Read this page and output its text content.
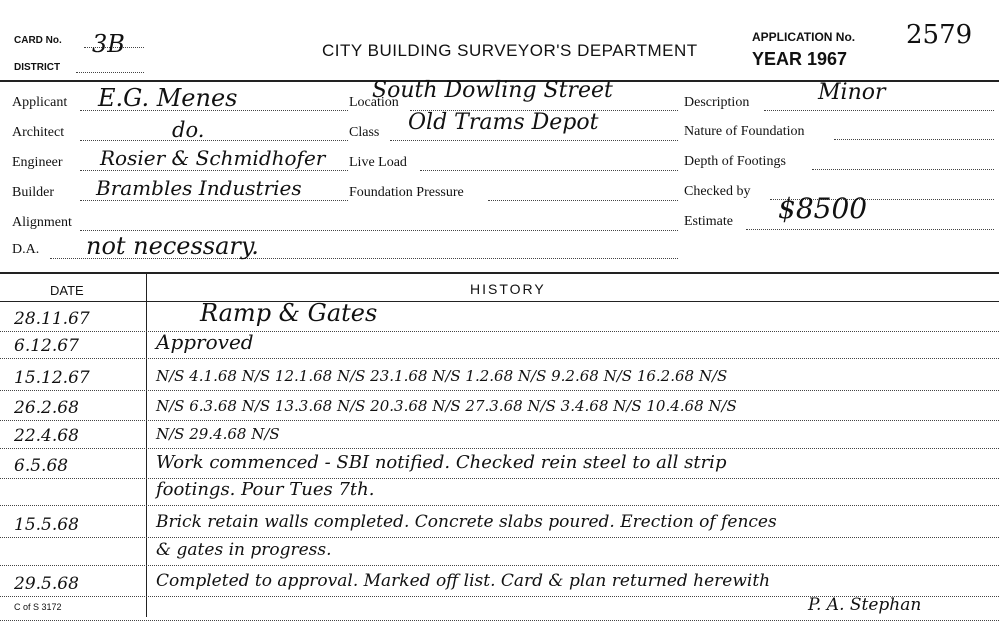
CARD No. 3B
DISTRICT
CITY BUILDING SURVEYOR'S DEPARTMENT
APPLICATION No. 2579
YEAR 1967
Applicant E.G. Menes
Architect	do.
Engineer Rosier & Schmidhofer
Builder Brambles Industries
Alignment
D.A. not necessary.
Location
South Dowling Street
Class Old Trams Depot
Live Load
Foundation Pressure
Description	Minor
Nature of Foundation
Depth of Footings
Checked by
Estimate $8500
DATE	HISTORY
28.11.67	Ramp & Gates
6.12.67	Approved
15.12.67	N/S 4.1.68 N/S 12.1.68 N/S 23.1.68 N/S 1.2.68 N/S 9.2.68 N/S 16.2.68 N/S
26.2.68	N/S 6.3.68 N/S 13.3.68 N/S 20.3.68 N/S 27.3.68 N/S 3.4.68 N/S 10.4.68 N/S
22.4.68	N/S 29.4.68 N/S
6.5.68	Work commenced - SBI notified. Checked rein steel to all strip
footings. Pour Tues 7th.
15.5.68	Brick retain walls completed. Concrete slabs poured. Erection of fences
& gates in progress.
29.5.68	Completed to approval. Marked off list. Card & plan returned herewith
P. A. Stephan
C of S 3172
